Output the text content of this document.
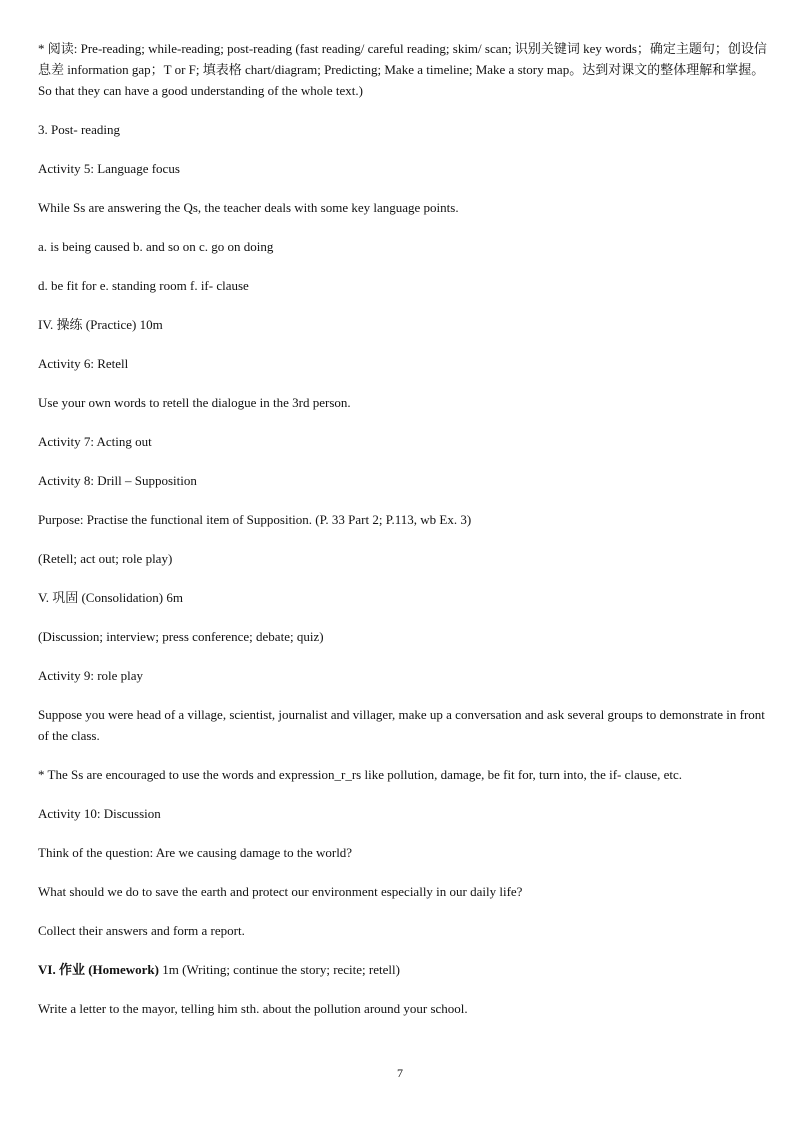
* 阅读: Pre-reading; while-reading; post-reading (fast reading/ careful reading; skim/ scan; 识别关键词 key words；确定主题句；创设信息差 information gap；T or F; 填表格 chart/diagram; Predicting; Make a timeline; Make a story map。达到对课文的整体理解和掌握。So that they can have a good understanding of the whole text.)

3. Post- reading

Activity 5: Language focus

While Ss are answering the Qs, the teacher deals with some key language points.

a. is being caused b. and so on c. go on doing

d. be fit for e. standing room f. if- clause

IV. 操练 (Practice) 10m

Activity 6: Retell

Use your own words to retell the dialogue in the 3rd person.

Activity 7: Acting out

Activity 8: Drill – Supposition

Purpose: Practise the functional item of Supposition. (P. 33 Part 2; P.113, wb Ex. 3)

(Retell; act out; role play)

V. 巩固 (Consolidation) 6m

(Discussion; interview; press conference; debate; quiz)

Activity 9: role play

Suppose you were head of a village, scientist, journalist and villager, make up a conversation and ask several groups to demonstrate in front of the class.

* The Ss are encouraged to use the words and expression_r_rs like pollution, damage, be fit for, turn into, the if- clause, etc.

Activity 10: Discussion

Think of the question: Are we causing damage to the world?

What should we do to save the earth and protect our environment especially in our daily life?

Collect their answers and form a report.

VI. 作业 (Homework) 1m (Writing; continue the story; recite; retell)

Write a letter to the mayor, telling him sth. about the pollution around your school.

7
